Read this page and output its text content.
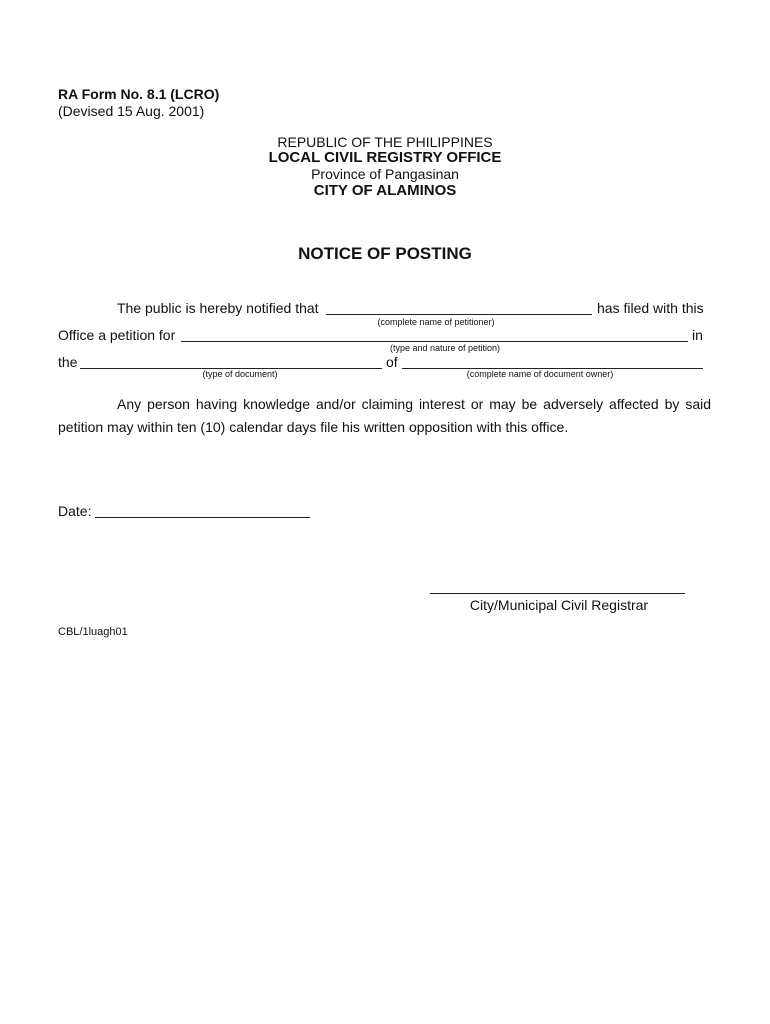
RA Form No. 8.1 (LCRO)
(Devised 15 Aug. 2001)
REPUBLIC OF THE PHILIPPINES
LOCAL CIVIL REGISTRY OFFICE
Province of Pangasinan
CITY OF ALAMINOS
NOTICE OF POSTING
The public is hereby notified that	has filed with this
(complete name of petitioner)
Office a petition for	in
(type and nature of petition)
the	of
(type of document)	(complete name of document owner)
Any person having knowledge and/or claiming interest or may be adversely affected by said petition may within ten (10) calendar days file his written opposition with this office.
Date:
City/Municipal Civil Registrar
CBL/1luagh01
